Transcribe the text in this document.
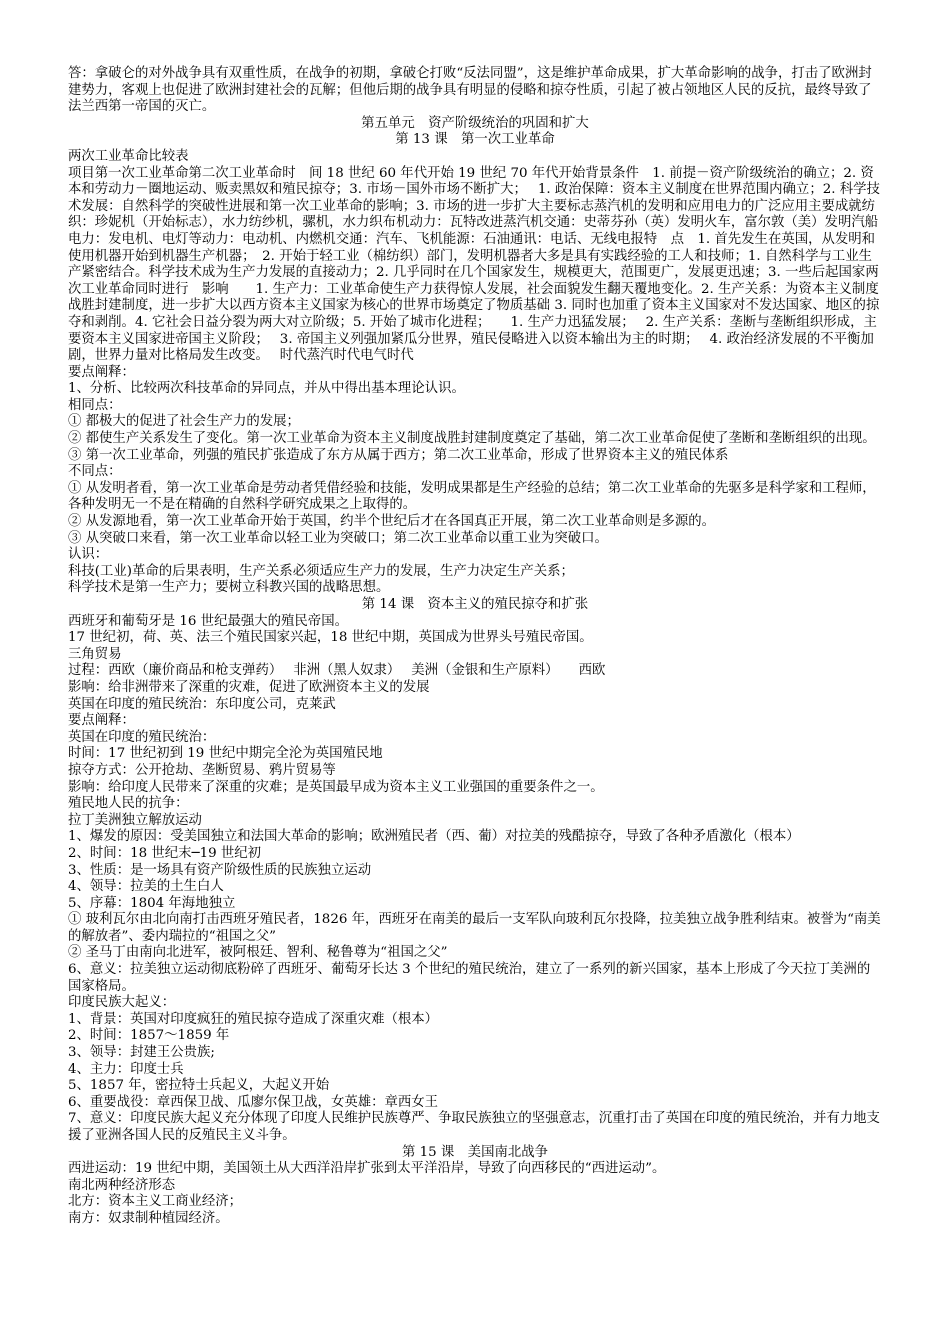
答：拿破仑的对外战争具有双重性质，在战争的初期，拿破仑打败“反法同盟”，这是维护革命成果，扩大革命影响的战争，打击了欧洲封建势力，客观上也促进了欧洲封建社会的瓦解；但他后期的战争具有明显的侵略和掠夺性质，引起了被占领地区人民的反抗，最终导致了法兰西第一帝国的灭亡。

第五单元　资产阶级统治的巩固和扩大

第 13 课　第一次工业革命

两次工业革命比较表

项目第一次工业革命第二次工业革命时　间 18 世纪 60 年代开始 19 世纪 70 年代开始背景条件　1. 前提－资产阶级统治的确立；2. 资本和劳动力－圈地运动、贩卖黑奴和殖民掠夺；3. 市场－国外市场不断扩大；　 1. 政治保障：资本主义制度在世界范围内确立；2. 科学技术发展：自然科学的突破性进展和第一次工业革命的影响；3. 市场的进一步扩大主要标志蒸汽机的发明和应用电力的广泛应用主要成就纺织：珍妮机（开始标志），水力纺纱机，骡机，水力织布机动力：瓦特改进蒸汽机交通：史蒂芬孙（英）发明火车，富尔敦（美）发明汽船电力：发电机、电灯等动力：电动机、内燃机交通：汽车、飞机能源：石油通讯：电话、无线电报特　点　1. 首先发生在英国，从发明和使用机器开始到机器生产机器；　2. 开始于轻工业（棉纺织）部门，发明机器者大多是具有实践经验的工人和技师；1. 自然科学与工业生产紧密结合。科学技术成为生产力发展的直接动力；2. 几乎同时在几个国家发生，规模更大，范围更广，发展更迅速；3. 一些后起国家两次工业革命同时进行　影响　　1. 生产力：工业革命使生产力获得惊人发展，社会面貌发生翻天覆地变化。2. 生产关系：为资本主义制度战胜封建制度，进一步扩大以西方资本主义国家为核心的世界市场奠定了物质基础 3. 同时也加重了资本主义国家对不发达国家、地区的掠夺和剥削。4. 它社会日益分裂为两大对立阶级；5. 开始了城市化进程；　　1. 生产力迅猛发展；　 2. 生产关系：垄断与垄断组织形成，主要资本主义国家进帝国主义阶段；　 3. 帝国主义列强加紧瓜分世界，殖民侵略进入以资本输出为主的时期；　 4. 政治经济发展的不平衡加剧，世界力量对比格局发生改变。　 时代蒸汽时代电气时代

要点阐释：

1、分析、比较两次科技革命的异同点，并从中得出基本理论认识。

相同点：

① 都极大的促进了社会生产力的发展；

② 都使生产关系发生了变化。第一次工业革命为资本主义制度战胜封建制度奠定了基础，第二次工业革命促使了垄断和垄断组织的出现。

③ 第一次工业革命，列强的殖民扩张造成了东方从属于西方；第二次工业革命，形成了世界资本主义的殖民体系

不同点：

① 从发明者看，第一次工业革命是劳动者凭借经验和技能，发明成果都是生产经验的总结；第二次工业革命的先驱多是科学家和工程师，各种发明无一不是在精确的自然科学研究成果之上取得的。

② 从发源地看，第一次工业革命开始于英国，约半个世纪后才在各国真正开展，第二次工业革命则是多源的。

③ 从突破口来看，第一次工业革命以轻工业为突破口；第二次工业革命以重工业为突破口。

认识：

科技(工业)革命的后果表明，生产关系必须适应生产力的发展，生产力决定生产关系；

科学技术是第一生产力；要树立科教兴国的战略思想。

第 14 课　资本主义的殖民掠夺和扩张

西班牙和葡萄牙是 16 世纪最强大的殖民帝国。

17 世纪初，荷、英、法三个殖民国家兴起，18 世纪中期，英国成为世界头号殖民帝国。

三角贸易

过程：西欧（廉价商品和枪支弹药）　 非洲（黑人奴隶）　 美洲（金银和生产原料）　　西欧

影响：给非洲带来了深重的灾难，促进了欧洲资本主义的发展

英国在印度的殖民统治：东印度公司，克莱武

要点阐释：

英国在印度的殖民统治：

时间：17 世纪初到 19 世纪中期完全沦为英国殖民地

掠夺方式：公开抢劫、垄断贸易、鸦片贸易等

影响：给印度人民带来了深重的灾难；是英国最早成为资本主义工业强国的重要条件之一。

殖民地人民的抗争：

拉丁美洲独立解放运动

1、爆发的原因：受美国独立和法国大革命的影响；欧洲殖民者（西、葡）对拉美的残酷掠夺，导致了各种矛盾激化（根本）

2、时间：18 世纪末─19 世纪初

3、性质：是一场具有资产阶级性质的民族独立运动

4、领导：拉美的土生白人

5、序幕：1804 年海地独立

① 玻利瓦尔由北向南打击西班牙殖民者，1826 年，西班牙在南美的最后一支军队向玻利瓦尔投降，拉美独立战争胜利结束。被誉为“南美的解放者”、委内瑞拉的“祖国之父”

② 圣马丁由南向北进军，被阿根廷、智利、秘鲁尊为“祖国之父”

6、意义：拉美独立运动彻底粉碎了西班牙、葡萄牙长达 3 个世纪的殖民统治，建立了一系列的新兴国家，基本上形成了今天拉丁美洲的国家格局。

印度民族大起义：

1、背景：英国对印度疯狂的殖民掠夺造成了深重灾难（根本）

2、时间：1857～1859 年

3、领导：封建王公贵族;

4、主力：印度士兵

5、1857 年，密拉特士兵起义，大起义开始

6、重要战役：章西保卫战、瓜廖尔保卫战，女英雄：章西女王

7、意义：印度民族大起义充分体现了印度人民维护民族尊严、争取民族独立的坚强意志，沉重打击了英国在印度的殖民统治，并有力地支援了亚洲各国人民的反殖民主义斗争。

第 15 课　美国南北战争

西进运动：19 世纪中期，美国领土从大西洋沿岸扩张到太平洋沿岸，导致了向西移民的“西进运动”。

南北两种经济形态

北方：资本主义工商业经济；

南方：奴隶制种植园经济。
